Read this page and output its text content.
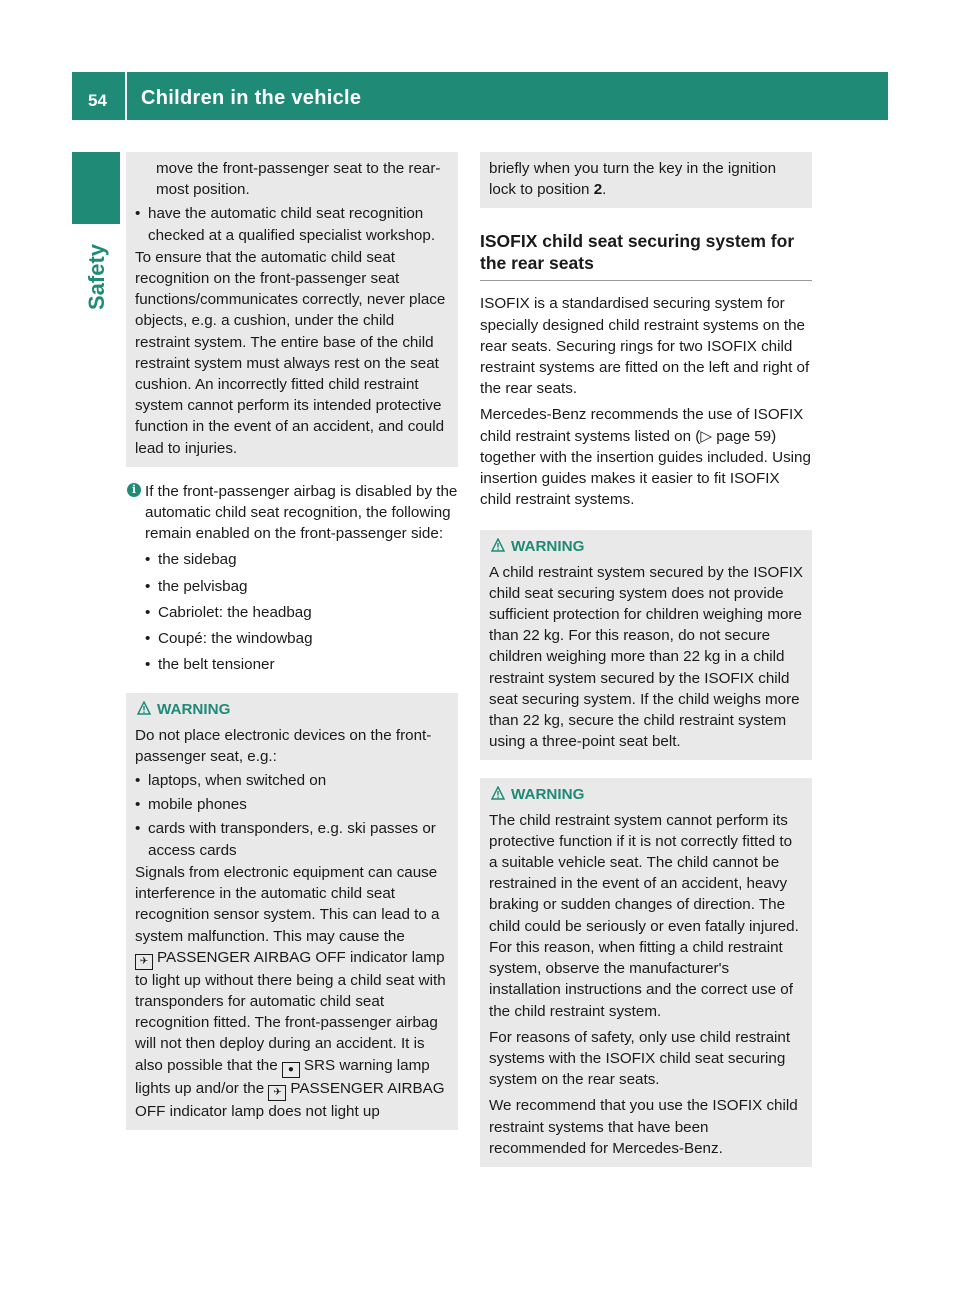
54 Children in the vehicle
Safety

move the front-passenger seat to the rear-most position.

• have the automatic child seat recognition checked at a qualified specialist workshop.

To ensure that the automatic child seat recognition on the front-passenger seat functions/communicates correctly, never place objects, e.g. a cushion, under the child restraint system. The entire base of the child restraint system must always rest on the seat cushion. An incorrectly fitted child restraint system cannot perform its intended protective function in the event of an accident, and could lead to injuries.

i If the front-passenger airbag is disabled by the automatic child seat recognition, the following remain enabled on the front-passenger side:

• the sidebag

• the pelvisbag

• Cabriolet: the headbag

• Coupé: the windowbag

• the belt tensioner

WARNING

Do not place electronic devices on the front-passenger seat, e.g.:

• laptops, when switched on

• mobile phones

• cards with transponders, e.g. ski passes or access cards

Signals from electronic equipment can cause interference in the automatic child seat recognition sensor system. This can lead to a system malfunction. This may cause the
✈ PASSENGER AIRBAG OFF indicator lamp to light up without there being a child seat with transponders for automatic child seat recognition fitted. The front-passenger airbag will not then deploy during an accident. It is also possible that the ● SRS warning lamp lights up and/or the ✈ PASSENGER AIRBAG OFF indicator lamp does not light up

briefly when you turn the key in the ignition lock to position 2.

ISOFIX child seat securing system for the rear seats

ISOFIX is a standardised securing system for specially designed child restraint systems on the rear seats. Securing rings for two ISOFIX child restraint systems are fitted on the left and right of the rear seats.

Mercedes-Benz recommends the use of ISOFIX child restraint systems listed on (▷ page 59) together with the insertion guides included. Using insertion guides makes it easier to fit ISOFIX child restraint systems.

WARNING

A child restraint system secured by the ISOFIX child seat securing system does not provide sufficient protection for children weighing more than 22 kg. For this reason, do not secure children weighing more than 22 kg in a child restraint system secured by the ISOFIX child seat securing system. If the child weighs more than 22 kg, secure the child restraint system using a three-point seat belt.

WARNING

The child restraint system cannot perform its protective function if it is not correctly fitted to a suitable vehicle seat. The child cannot be restrained in the event of an accident, heavy braking or sudden changes of direction. The child could be seriously or even fatally injured. For this reason, when fitting a child restraint system, observe the manufacturer's installation instructions and the correct use of the child restraint system.

For reasons of safety, only use child restraint systems with the ISOFIX child seat securing system on the rear seats.

We recommend that you use the ISOFIX child restraint systems that have been recommended for Mercedes-Benz.
